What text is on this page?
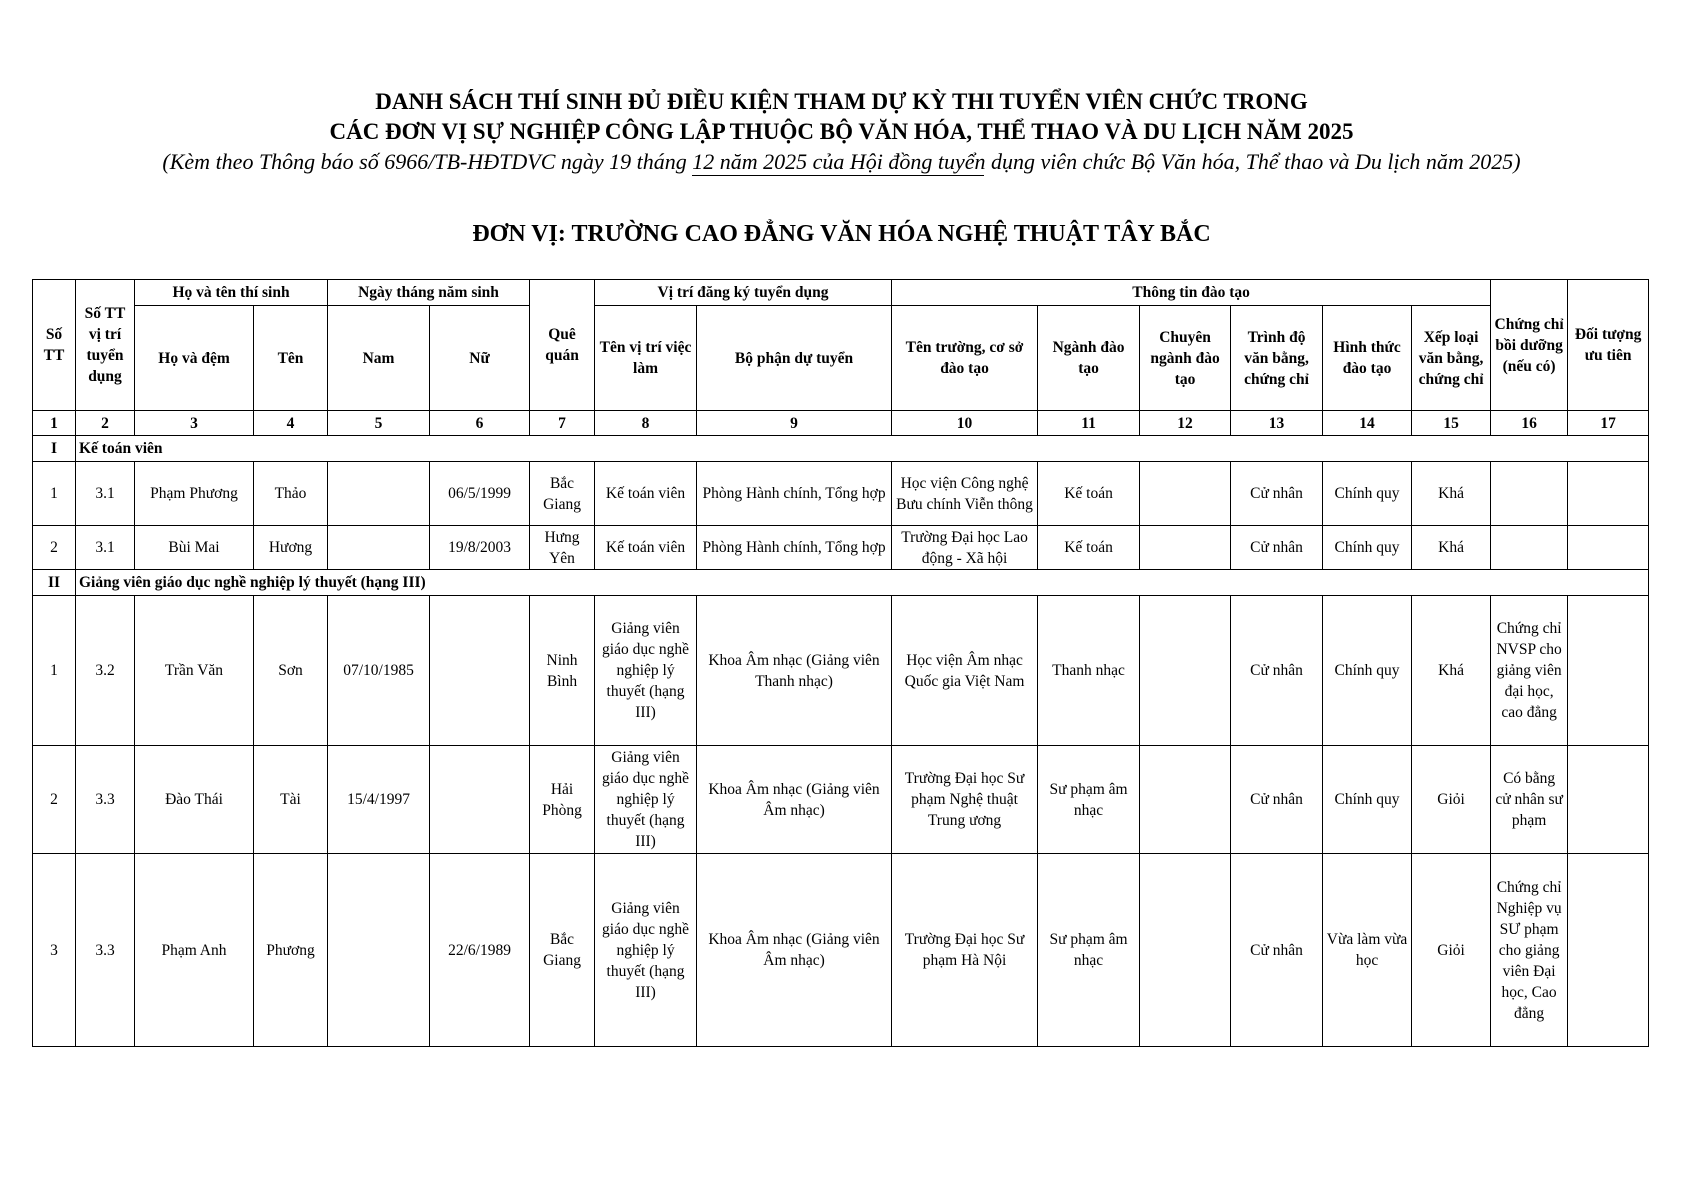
DANH SÁCH THÍ SINH ĐỦ ĐIỀU KIỆN THAM DỰ KỲ THI TUYỂN VIÊN CHỨC TRONG
CÁC ĐƠN VỊ SỰ NGHIỆP CÔNG LẬP THUỘC BỘ VĂN HÓA, THỂ THAO VÀ DU LỊCH NĂM 2025

(Kèm theo Thông báo số 6966/TB-HĐTDVC ngày 19 tháng 12 năm 2025 của Hội đồng tuyển dụng viên chức Bộ Văn hóa, Thể thao và Du lịch năm 2025)

ĐƠN VỊ: TRƯỜNG CAO ĐẲNG VĂN HÓA NGHỆ THUẬT TÂY BẮC
Số TT	Số TT vị trí tuyển dụng	Họ và tên thí sinh		Ngày tháng năm sinh		Quê quán	Vị trí đăng ký tuyển dụng		Thông tin đào tạo						Chứng chỉ bồi dưỡng (nếu có)	Đối tượng ưu tiên
		Họ và đệm	Tên	Nam	Nữ		Tên vị trí việc làm	Bộ phận dự tuyển	Tên trường, cơ sở đào tạo	Ngành đào tạo	Chuyên ngành đào tạo	Trình độ văn bằng, chứng chỉ	Hình thức đào tạo	Xếp loại văn bằng, chứng chỉ		
1	2	3	4	5	6	7	8	9	10	11	12	13	14	15	16	17
I	Kế toán viên															
1	3.1	Phạm Phương	Thảo		06/5/1999	Bắc Giang	Kế toán viên	Phòng Hành chính, Tổng hợp	Học viện Công nghệ Bưu chính Viễn thông	Kế toán		Cử nhân	Chính quy	Khá		
2	3.1	Bùi Mai	Hương		19/8/2003	Hưng Yên	Kế toán viên	Phòng Hành chính, Tổng hợp	Trường Đại học Lao động - Xã hội	Kế toán		Cử nhân	Chính quy	Khá		
II	Giảng viên giáo dục nghề nghiệp lý thuyết (hạng III)															
1	3.2	Trần Văn	Sơn	07/10/1985		Ninh Bình	Giảng viên giáo dục nghề nghiệp lý thuyết (hạng III)	Khoa Âm nhạc (Giảng viên Thanh nhạc)	Học viện Âm nhạc Quốc gia Việt Nam	Thanh nhạc		Cử nhân	Chính quy	Khá	Chứng chỉ NVSP cho giảng viên đại học, cao đẳng	
2	3.3	Đào Thái	Tài	15/4/1997		Hải Phòng	Giảng viên giáo dục nghề nghiệp lý thuyết (hạng III)	Khoa Âm nhạc (Giảng viên Âm nhạc)	Trường Đại học Sư phạm Nghệ thuật Trung ương	Sư phạm âm nhạc		Cử nhân	Chính quy	Giỏi	Có bằng cử nhân sư phạm	
3	3.3	Phạm Anh	Phương		22/6/1989	Bắc Giang	Giảng viên giáo dục nghề nghiệp lý thuyết (hạng III)	Khoa Âm nhạc (Giảng viên Âm nhạc)	Trường Đại học Sư phạm Hà Nội	Sư phạm âm nhạc		Cử nhân	Vừa làm vừa học	Giỏi	Chứng chỉ Nghiệp vụ SƯ phạm cho giảng viên Đại học, Cao đẳng	
